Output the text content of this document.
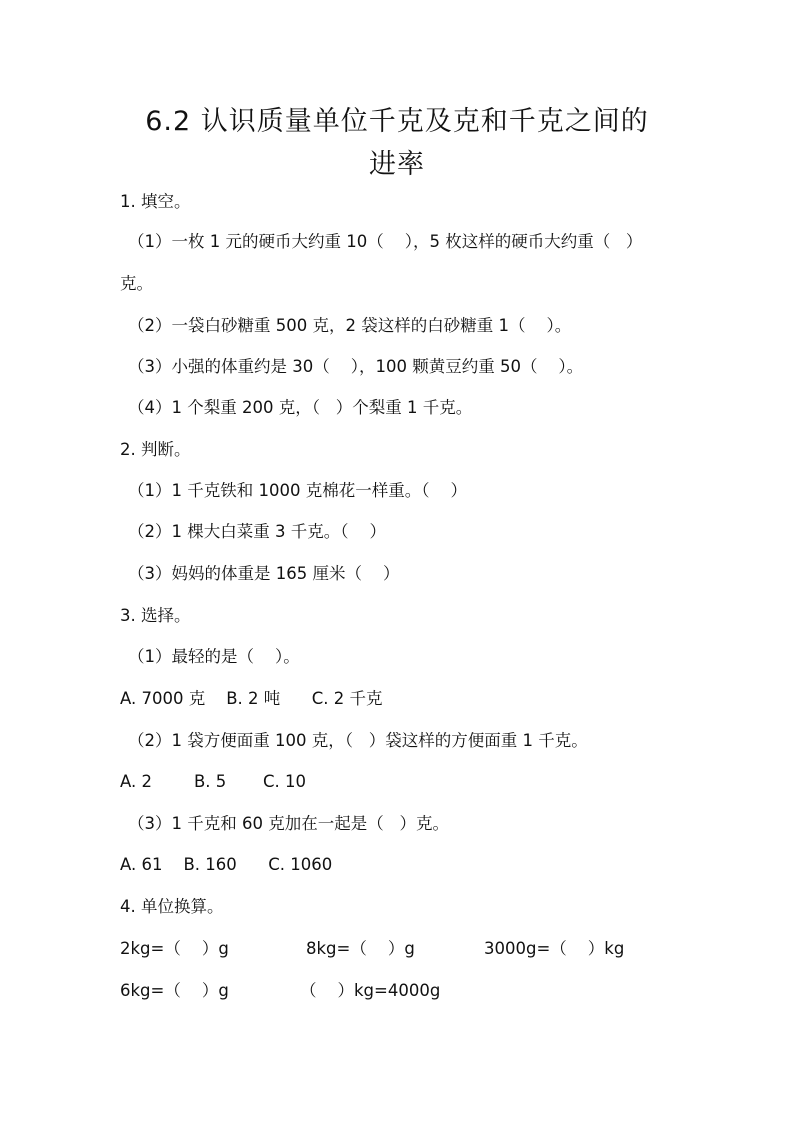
6.2 认识质量单位千克及克和千克之间的
进率
1. 填空。
（1）一枚 1 元的硬币大约重 10（    ），5 枚这样的硬币大约重（   ）
克。
（2）一袋白砂糖重 500 克，2 袋这样的白砂糖重 1（    ）。
（3）小强的体重约是 30（    ），100 颗黄豆约重 50（    ）。
（4）1 个梨重 200 克，（   ）个梨重 1 千克。
2. 判断。
（1）1 千克铁和 1000 克棉花一样重。（    ）
（2）1 棵大白菜重 3 千克。（    ）
（3）妈妈的体重是 165 厘米（    ）
3. 选择。
（1）最轻的是（    ）。
A. 7000 克    B. 2 吨      C. 2 千克
（2）1 袋方便面重 100 克，（   ）袋这样的方便面重 1 千克。
A. 2        B. 5       C. 10
（3）1 千克和 60 克加在一起是（   ）克。
A. 61    B. 160      C. 1060
4. 单位换算。
2kg=（    ）g	8kg=（    ）g	3000g=（    ）kg
6kg=（    ）g	（    ）kg=4000g
